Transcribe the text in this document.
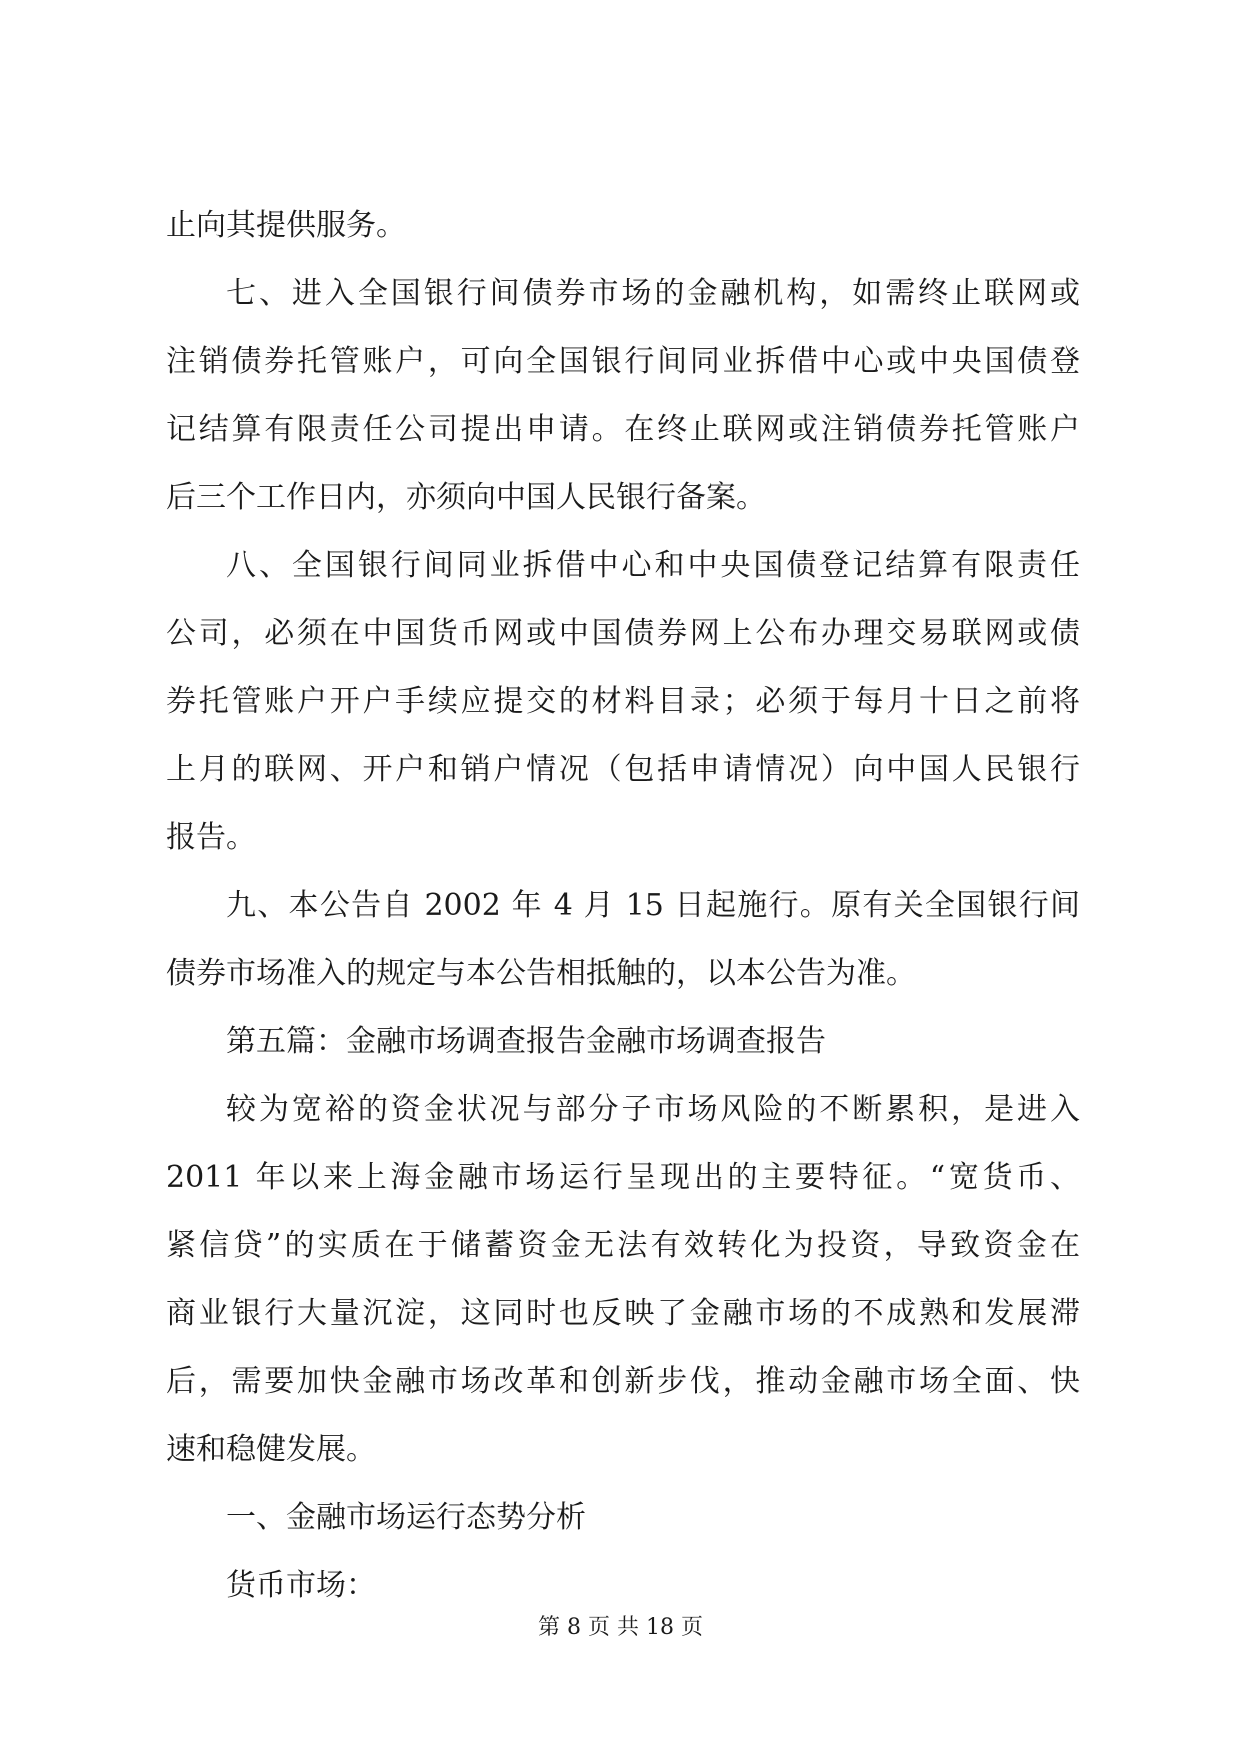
止向其提供服务。
七、进入全国银行间债券市场的金融机构，如需终止联网或
注销债券托管账户，可向全国银行间同业拆借中心或中央国债登
记结算有限责任公司提出申请。在终止联网或注销债券托管账户
后三个工作日内，亦须向中国人民银行备案。
八、全国银行间同业拆借中心和中央国债登记结算有限责任
公司，必须在中国货币网或中国债券网上公布办理交易联网或债
券托管账户开户手续应提交的材料目录；必须于每月十日之前将
上月的联网、开户和销户情况（包括申请情况）向中国人民银行
报告。
九、本公告自 2002 年 4 月 15 日起施行。原有关全国银行间
债券市场准入的规定与本公告相抵触的，以本公告为准。
第五篇：金融市场调查报告金融市场调查报告
较为宽裕的资金状况与部分子市场风险的不断累积，是进入
2011 年以来上海金融市场运行呈现出的主要特征。“宽货币、
紧信贷”的实质在于储蓄资金无法有效转化为投资，导致资金在
商业银行大量沉淀，这同时也反映了金融市场的不成熟和发展滞
后，需要加快金融市场改革和创新步伐，推动金融市场全面、快
速和稳健发展。
一、金融市场运行态势分析
货币市场：
第 8 页 共 18 页
